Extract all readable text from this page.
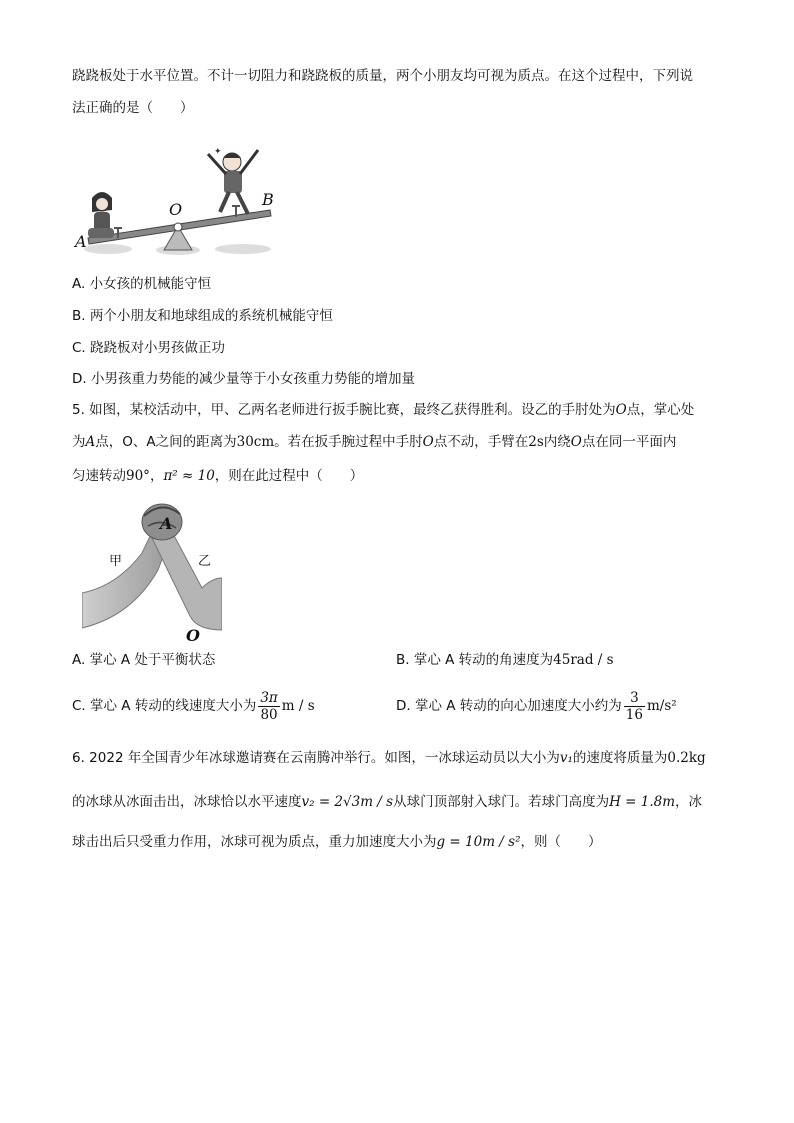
跷跷板处于水平位置。不计一切阻力和跷跷板的质量，两个小朋友均可视为质点。在这个过程中，下列说
法正确的是（　　）
✦
A
O
B
A. 小女孩的机械能守恒
B. 两个小朋友和地球组成的系统机械能守恒
C. 跷跷板对小男孩做正功
D. 小男孩重力势能的减少量等于小女孩重力势能的增加量
5. 如图，某校活动中，甲、乙两名老师进行扳手腕比赛，最终乙获得胜利。设乙的手肘处为O点，掌心处
为A点，O、A之间的距离为30cm。若在扳手腕过程中手肘O点不动，手臂在2s内绕O点在同一平面内
匀速转动90°，π² ≈ 10，则在此过程中（　　）
A
甲	乙
O
A. 掌心 A 处于平衡状态	B. 掌心 A 转动的角速度为45rad / s
C. 掌心 A 转动的线速度大小为 $\frac{3\pi}{80}$ m / s	D. 掌心 A 转动的向心加速度大小约为 $\frac{3}{16} m/s^2$
6. 2022 年全国青少年冰球邀请赛在云南腾冲举行。如图，一冰球运动员以大小为v₁的速度将质量为0.2kg
的冰球从冰面击出，冰球恰以水平速度v₂ = 2√3m / s从球门顶部射入球门。若球门高度为H = 1.8m，冰
球击出后只受重力作用，冰球可视为质点，重力加速度大小为g = 10m / s²，则（　　）
